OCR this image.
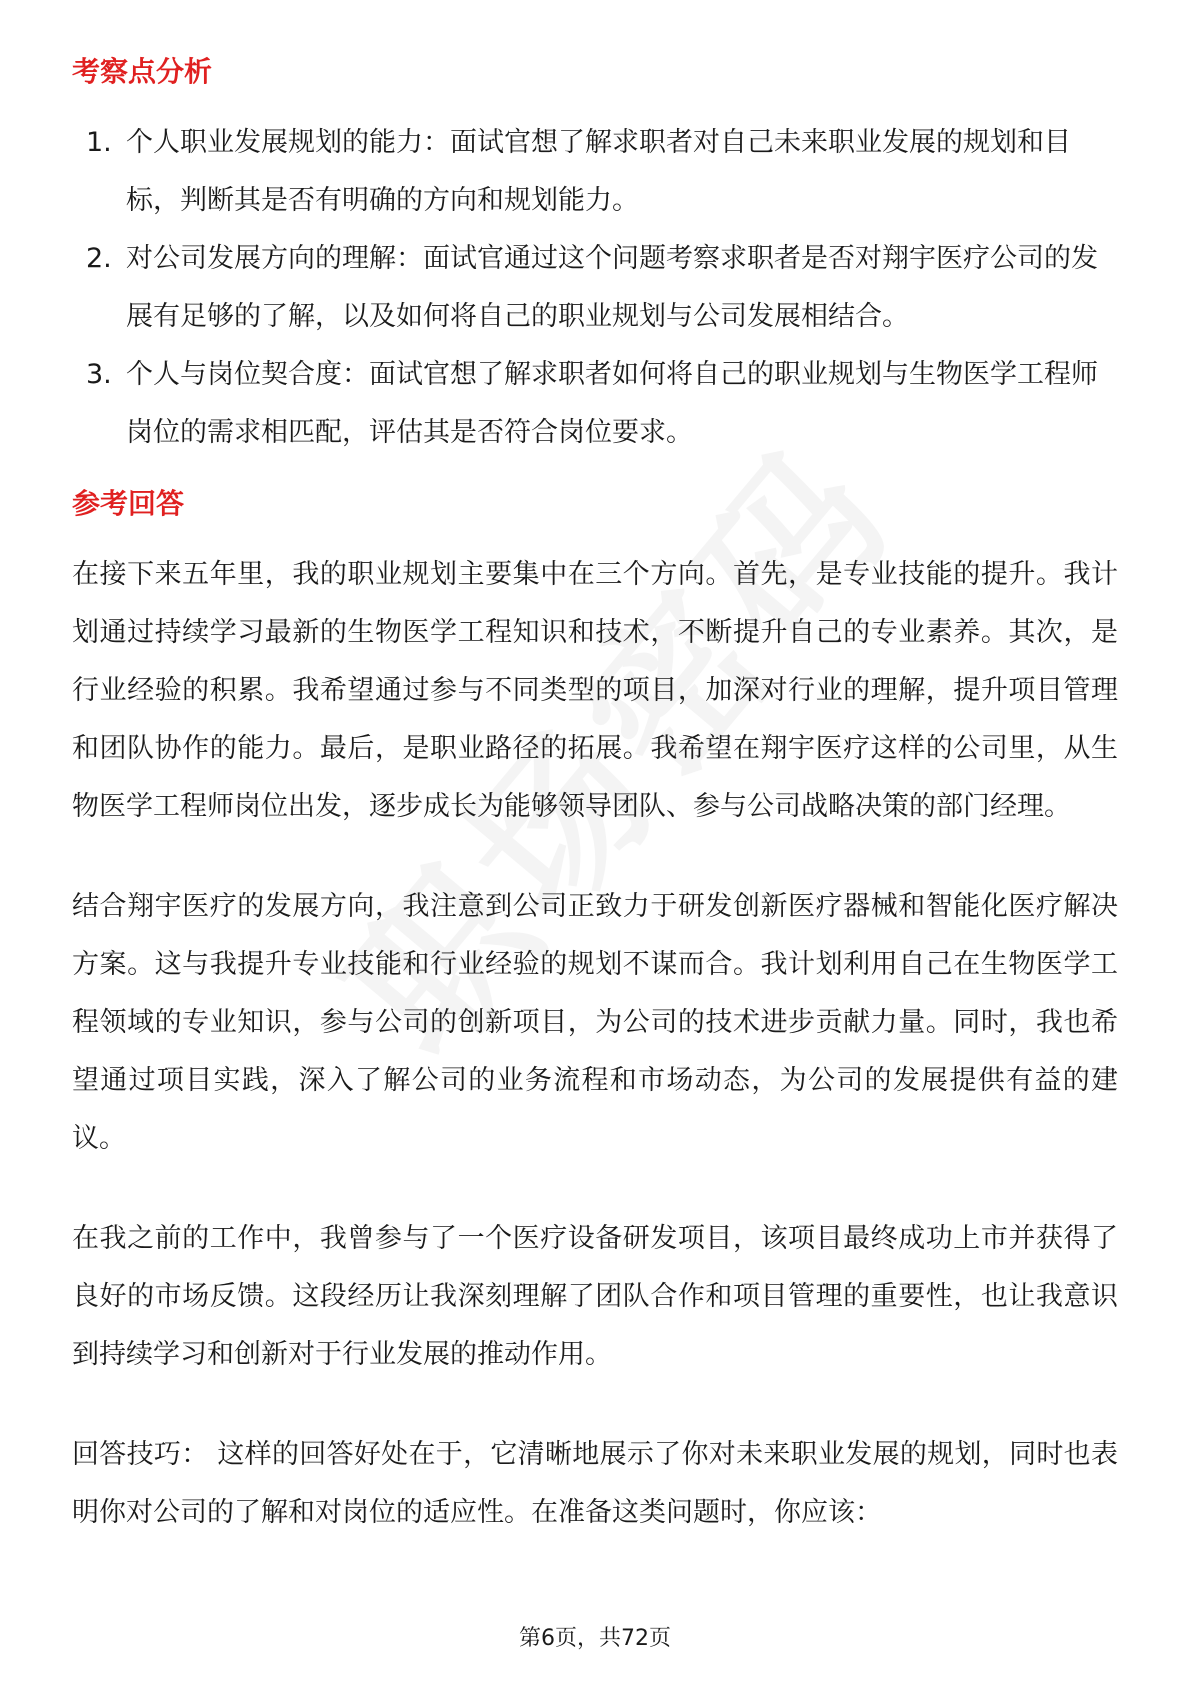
考察点分析
1. 个人职业发展规划的能力：面试官想了解求职者对自己未来职业发展的规划和目标，判断其是否有明确的方向和规划能力。
2. 对公司发展方向的理解：面试官通过这个问题考察求职者是否对翔宇医疗公司的发展有足够的了解，以及如何将自己的职业规划与公司发展相结合。
3. 个人与岗位契合度：面试官想了解求职者如何将自己的职业规划与生物医学工程师岗位的需求相匹配，评估其是否符合岗位要求。
参考回答

在接下来五年里，我的职业规划主要集中在三个方向。首先，是专业技能的提升。我计划通过持续学习最新的生物医学工程知识和技术，不断提升自己的专业素养。其次，是行业经验的积累。我希望通过参与不同类型的项目，加深对行业的理解，提升项目管理和团队协作的能力。最后，是职业路径的拓展。我希望在翔宇医疗这样的公司里，从生物医学工程师岗位出发，逐步成长为能够领导团队、参与公司战略决策的部门经理。

结合翔宇医疗的发展方向，我注意到公司正致力于研发创新医疗器械和智能化医疗解决方案。这与我提升专业技能和行业经验的规划不谋而合。我计划利用自己在生物医学工程领域的专业知识，参与公司的创新项目，为公司的技术进步贡献力量。同时，我也希望通过项目实践，深入了解公司的业务流程和市场动态，为公司的发展提供有益的建议。

在我之前的工作中，我曾参与了一个医疗设备研发项目，该项目最终成功上市并获得了良好的市场反馈。这段经历让我深刻理解了团队合作和项目管理的重要性，也让我意识到持续学习和创新对于行业发展的推动作用。

回答技巧： 这样的回答好处在于，它清晰地展示了你对未来职业发展的规划，同时也表明你对公司的了解和对岗位的适应性。在准备这类问题时，你应该：

第6页，共72页
